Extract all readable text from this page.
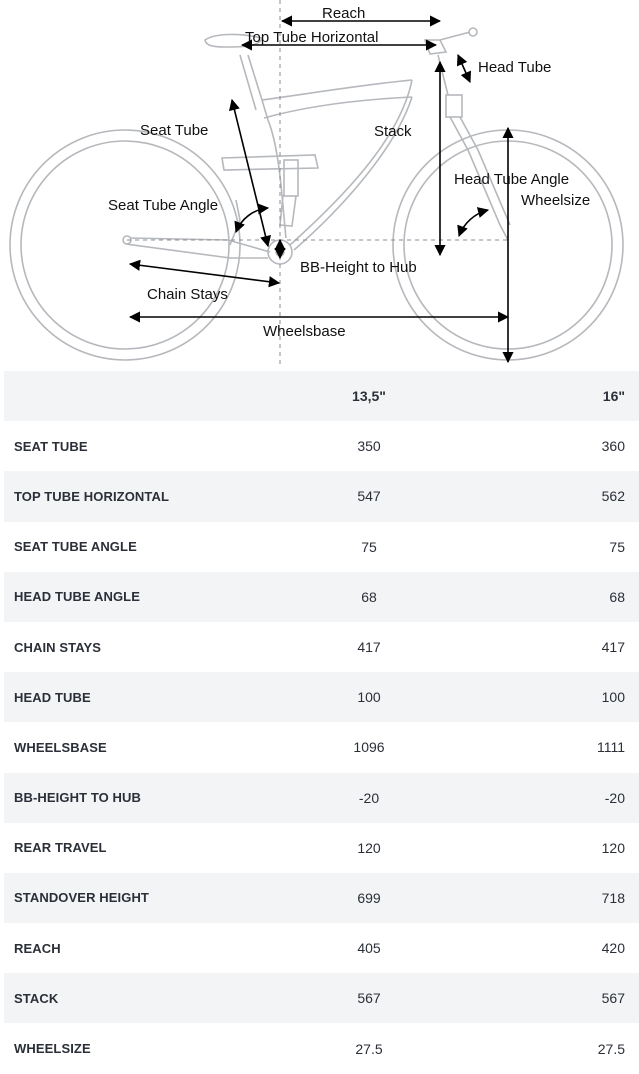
Reach
Top Tube Horizontal
Head Tube
Seat Tube	Stack
Head Tube Angle
Wheelsize
Seat Tube Angle
BB-Height to Hub
Chain Stays
Wheelsbase
	13,5"	16"
SEAT TUBE	350	360
TOP TUBE HORIZONTAL	547	562
SEAT TUBE ANGLE	75	75
HEAD TUBE ANGLE	68	68
CHAIN STAYS	417	417
HEAD TUBE	100	100
WHEELSBASE	1096	1111
BB-HEIGHT TO HUB	-20	-20
REAR TRAVEL	120	120
STANDOVER HEIGHT	699	718
REACH	405	420
STACK	567	567
WHEELSIZE	27.5	27.5
